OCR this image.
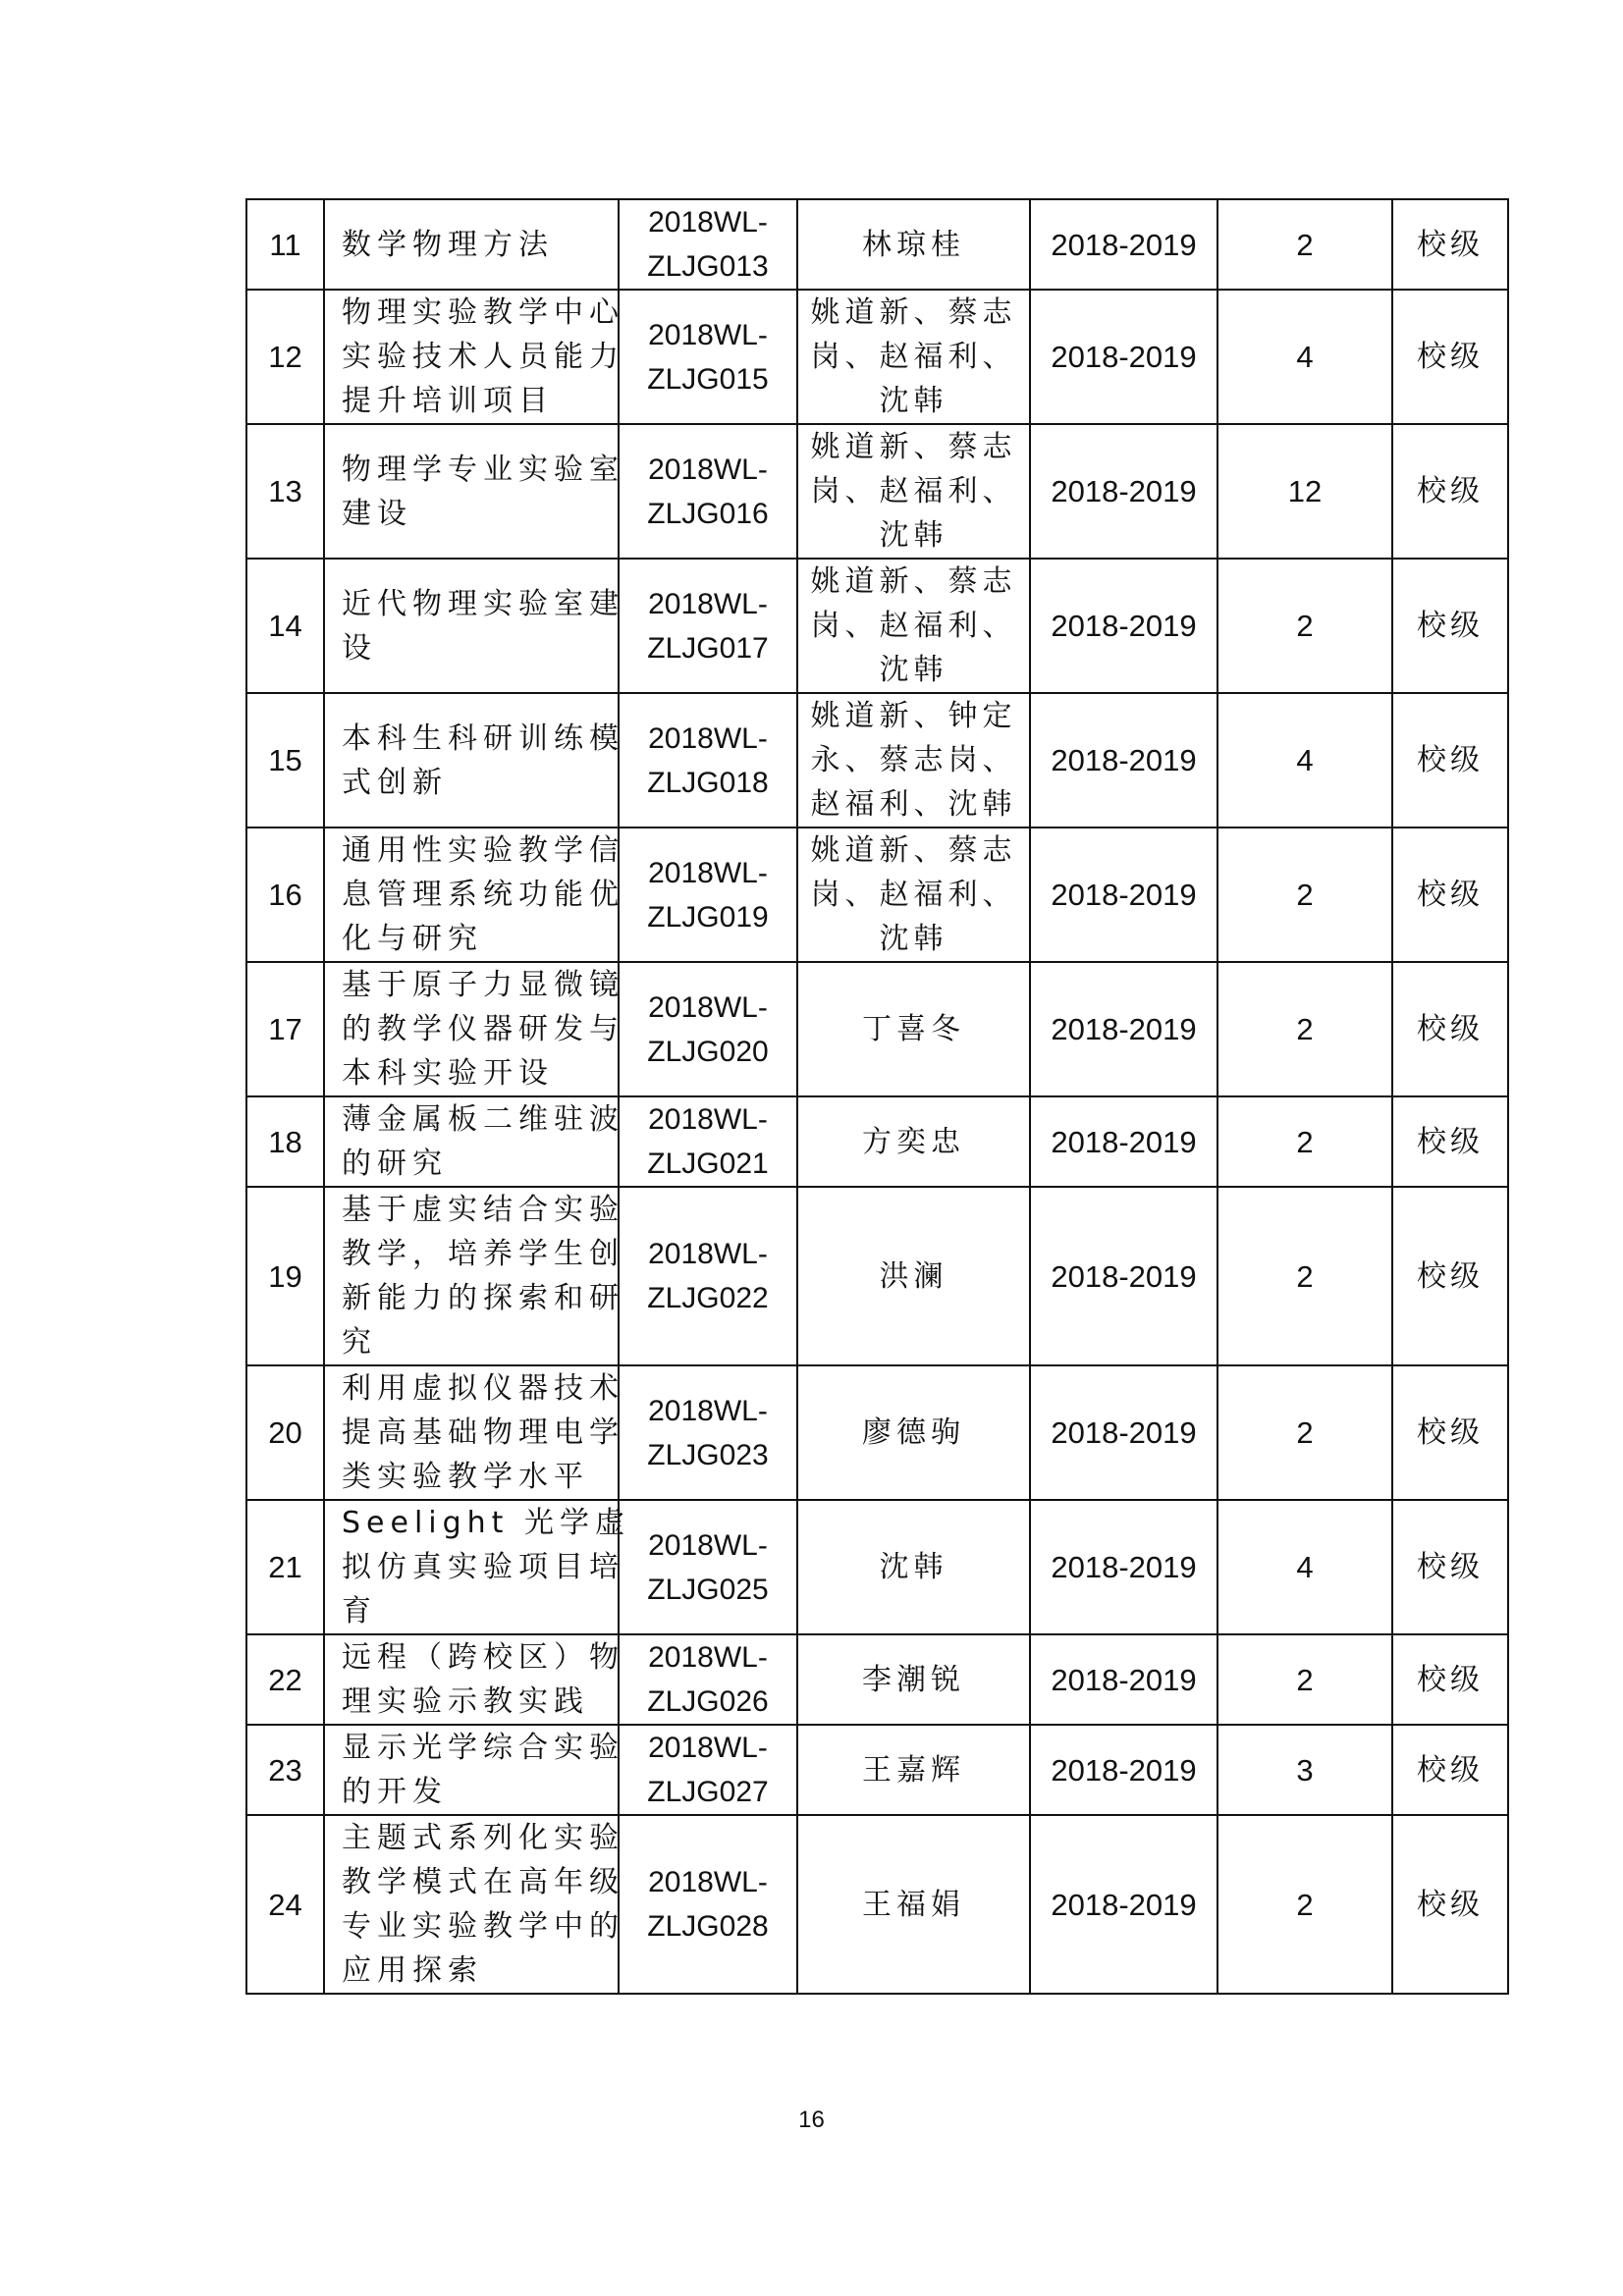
11	数学物理方法	2018WL-
ZLJG013	林琼桂	2018-2019	2	校级
12	物理实验教学中心
实验技术人员能力
提升培训项目	2018WL-
ZLJG015	姚道新、蔡志
岗、赵福利、
沈韩	2018-2019	4	校级
13	物理学专业实验室
建设	2018WL-
ZLJG016	姚道新、蔡志
岗、赵福利、
沈韩	2018-2019	12	校级
14	近代物理实验室建
设	2018WL-
ZLJG017	姚道新、蔡志
岗、赵福利、
沈韩	2018-2019	2	校级
15	本科生科研训练模
式创新	2018WL-
ZLJG018	姚道新、钟定
永、蔡志岗、
赵福利、沈韩	2018-2019	4	校级
16	通用性实验教学信
息管理系统功能优
化与研究	2018WL-
ZLJG019	姚道新、蔡志
岗、赵福利、
沈韩	2018-2019	2	校级
17	基于原子力显微镜
的教学仪器研发与
本科实验开设	2018WL-
ZLJG020	丁喜冬	2018-2019	2	校级
18	薄金属板二维驻波
的研究	2018WL-
ZLJG021	方奕忠	2018-2019	2	校级
19	基于虚实结合实验
教学，培养学生创
新能力的探索和研
究	2018WL-
ZLJG022	洪澜	2018-2019	2	校级
20	利用虚拟仪器技术
提高基础物理电学
类实验教学水平	2018WL-
ZLJG023	廖德驹	2018-2019	2	校级
21	Seelight 光学虚
拟仿真实验项目培
育	2018WL-
ZLJG025	沈韩	2018-2019	4	校级
22	远程（跨校区）物
理实验示教实践	2018WL-
ZLJG026	李潮锐	2018-2019	2	校级
23	显示光学综合实验
的开发	2018WL-
ZLJG027	王嘉辉	2018-2019	3	校级
24	主题式系列化实验
教学模式在高年级
专业实验教学中的
应用探索	2018WL-
ZLJG028	王福娟	2018-2019	2	校级
16
